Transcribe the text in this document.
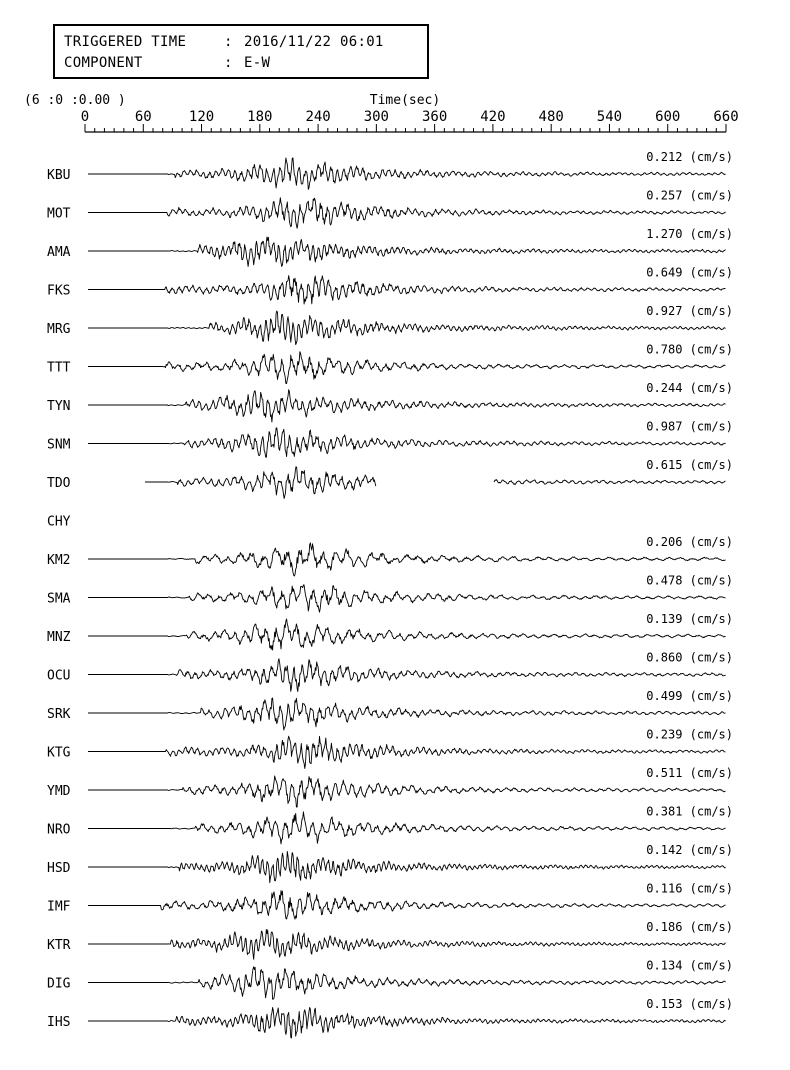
TRIGGERED TIME	: 2016/11/22 06:01
COMPONENT	: E-W
(6 :0 :0.00 )	Time(sec)
0	60	120 180 240 300 360 420 480 540 600 660
KBU
0.212 (cm/s)
MOT
0.257 (cm/s)
AMA
1.270 (cm/s)
FKS
0.649 (cm/s)
MRG
0.927 (cm/s)
TTT
0.780 (cm/s)
TYN
0.244 (cm/s)
SNM
0.987 (cm/s)
TDO
0.615 (cm/s)
CHY
KM2
0.206 (cm/s)
SMA
0.478 (cm/s)
MNZ
0.139 (cm/s)
OCU
0.860 (cm/s)
SRK
0.499 (cm/s)
KTG
0.239 (cm/s)
YMD
0.511 (cm/s)
NRO
0.381 (cm/s)
HSD
0.142 (cm/s)
IMF
0.116 (cm/s)
KTR
0.186 (cm/s)
DIG
0.134 (cm/s)
IHS
0.153 (cm/s)
